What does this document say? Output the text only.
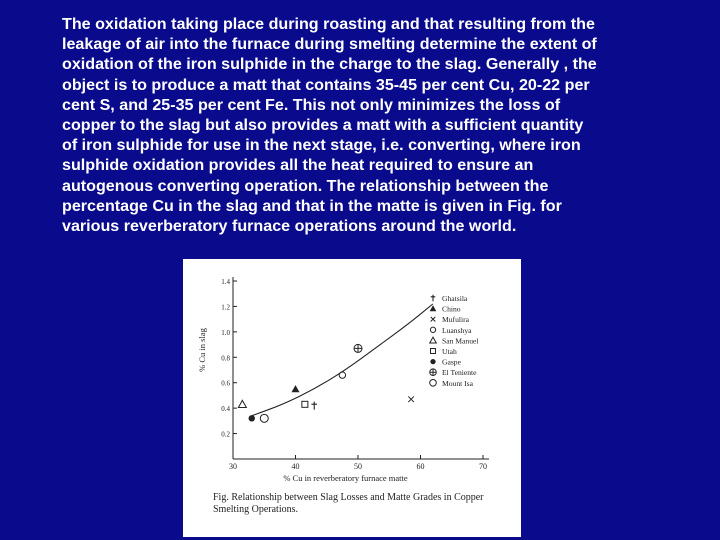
The oxidation taking place during roasting and that resulting from the
leakage of air into the furnace during smelting determine the extent of
oxidation of the iron sulphide in the charge to the slag. Generally , the
object is to produce a matt that contains 35-45 per cent Cu, 20-22 per
cent S, and 25-35 per cent Fe. This not only minimizes the loss of
copper to the slag but also provides a matt with a sufficient quantity
of iron sulphide for use in the next stage, i.e. converting, where iron
sulphide oxidation provides all the heat required to ensure an
autogenous converting operation. The relationship between the
percentage Cu in the slag and that in the matte is given in Fig. for
various reverberatory furnace operations around the world.
30	40	50	60	70
0.2
0.4
0.6
0.8
1.0
1.2
1.4
% Cu in reverberatory furnace matte
% Cu in slag
Ghatsila
Chino
Mufulira
Luanshya
San Manuel
Utah
Gaspe
El Teniente
Mount Isa
Fig. Relationship between Slag Losses and Matte Grades in Copper
Smelting Operations.
